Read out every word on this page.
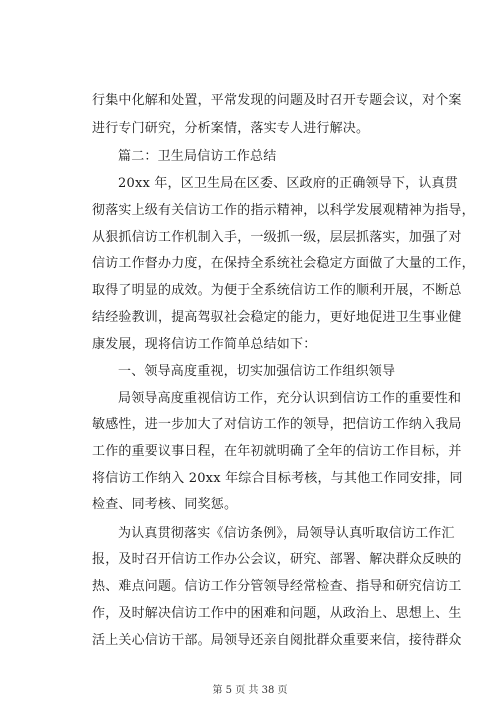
行集中化解和处置，平常发现的问题及时召开专题会议，对个案
进行专门研究，分析案情，落实专人进行解决。
篇二：卫生局信访工作总结
20xx 年，区卫生局在区委、区政府的正确领导下，认真贯
彻落实上级有关信访工作的指示精神，以科学发展观精神为指导，
从狠抓信访工作机制入手，一级抓一级，层层抓落实，加强了对
信访工作督办力度，在保持全系统社会稳定方面做了大量的工作，
取得了明显的成效。为便于全系统信访工作的顺利开展，不断总
结经验教训，提高驾驭社会稳定的能力，更好地促进卫生事业健
康发展，现将信访工作简单总结如下：
一、领导高度重视，切实加强信访工作组织领导
局领导高度重视信访工作，充分认识到信访工作的重要性和
敏感性，进一步加大了对信访工作的领导，把信访工作纳入我局
工作的重要议事日程，在年初就明确了全年的信访工作目标，并
将信访工作纳入 20xx 年综合目标考核，与其他工作同安排，同
检查、同考核、同奖惩。
为认真贯彻落实《信访条例》，局领导认真听取信访工作汇
报，及时召开信访工作办公会议，研究、部署、解决群众反映的
热、难点问题。信访工作分管领导经常检查、指导和研究信访工
作，及时解决信访工作中的困难和问题，从政治上、思想上、生
活上关心信访干部。局领导还亲自阅批群众重要来信，接待群众
第 5 页 共 38 页
